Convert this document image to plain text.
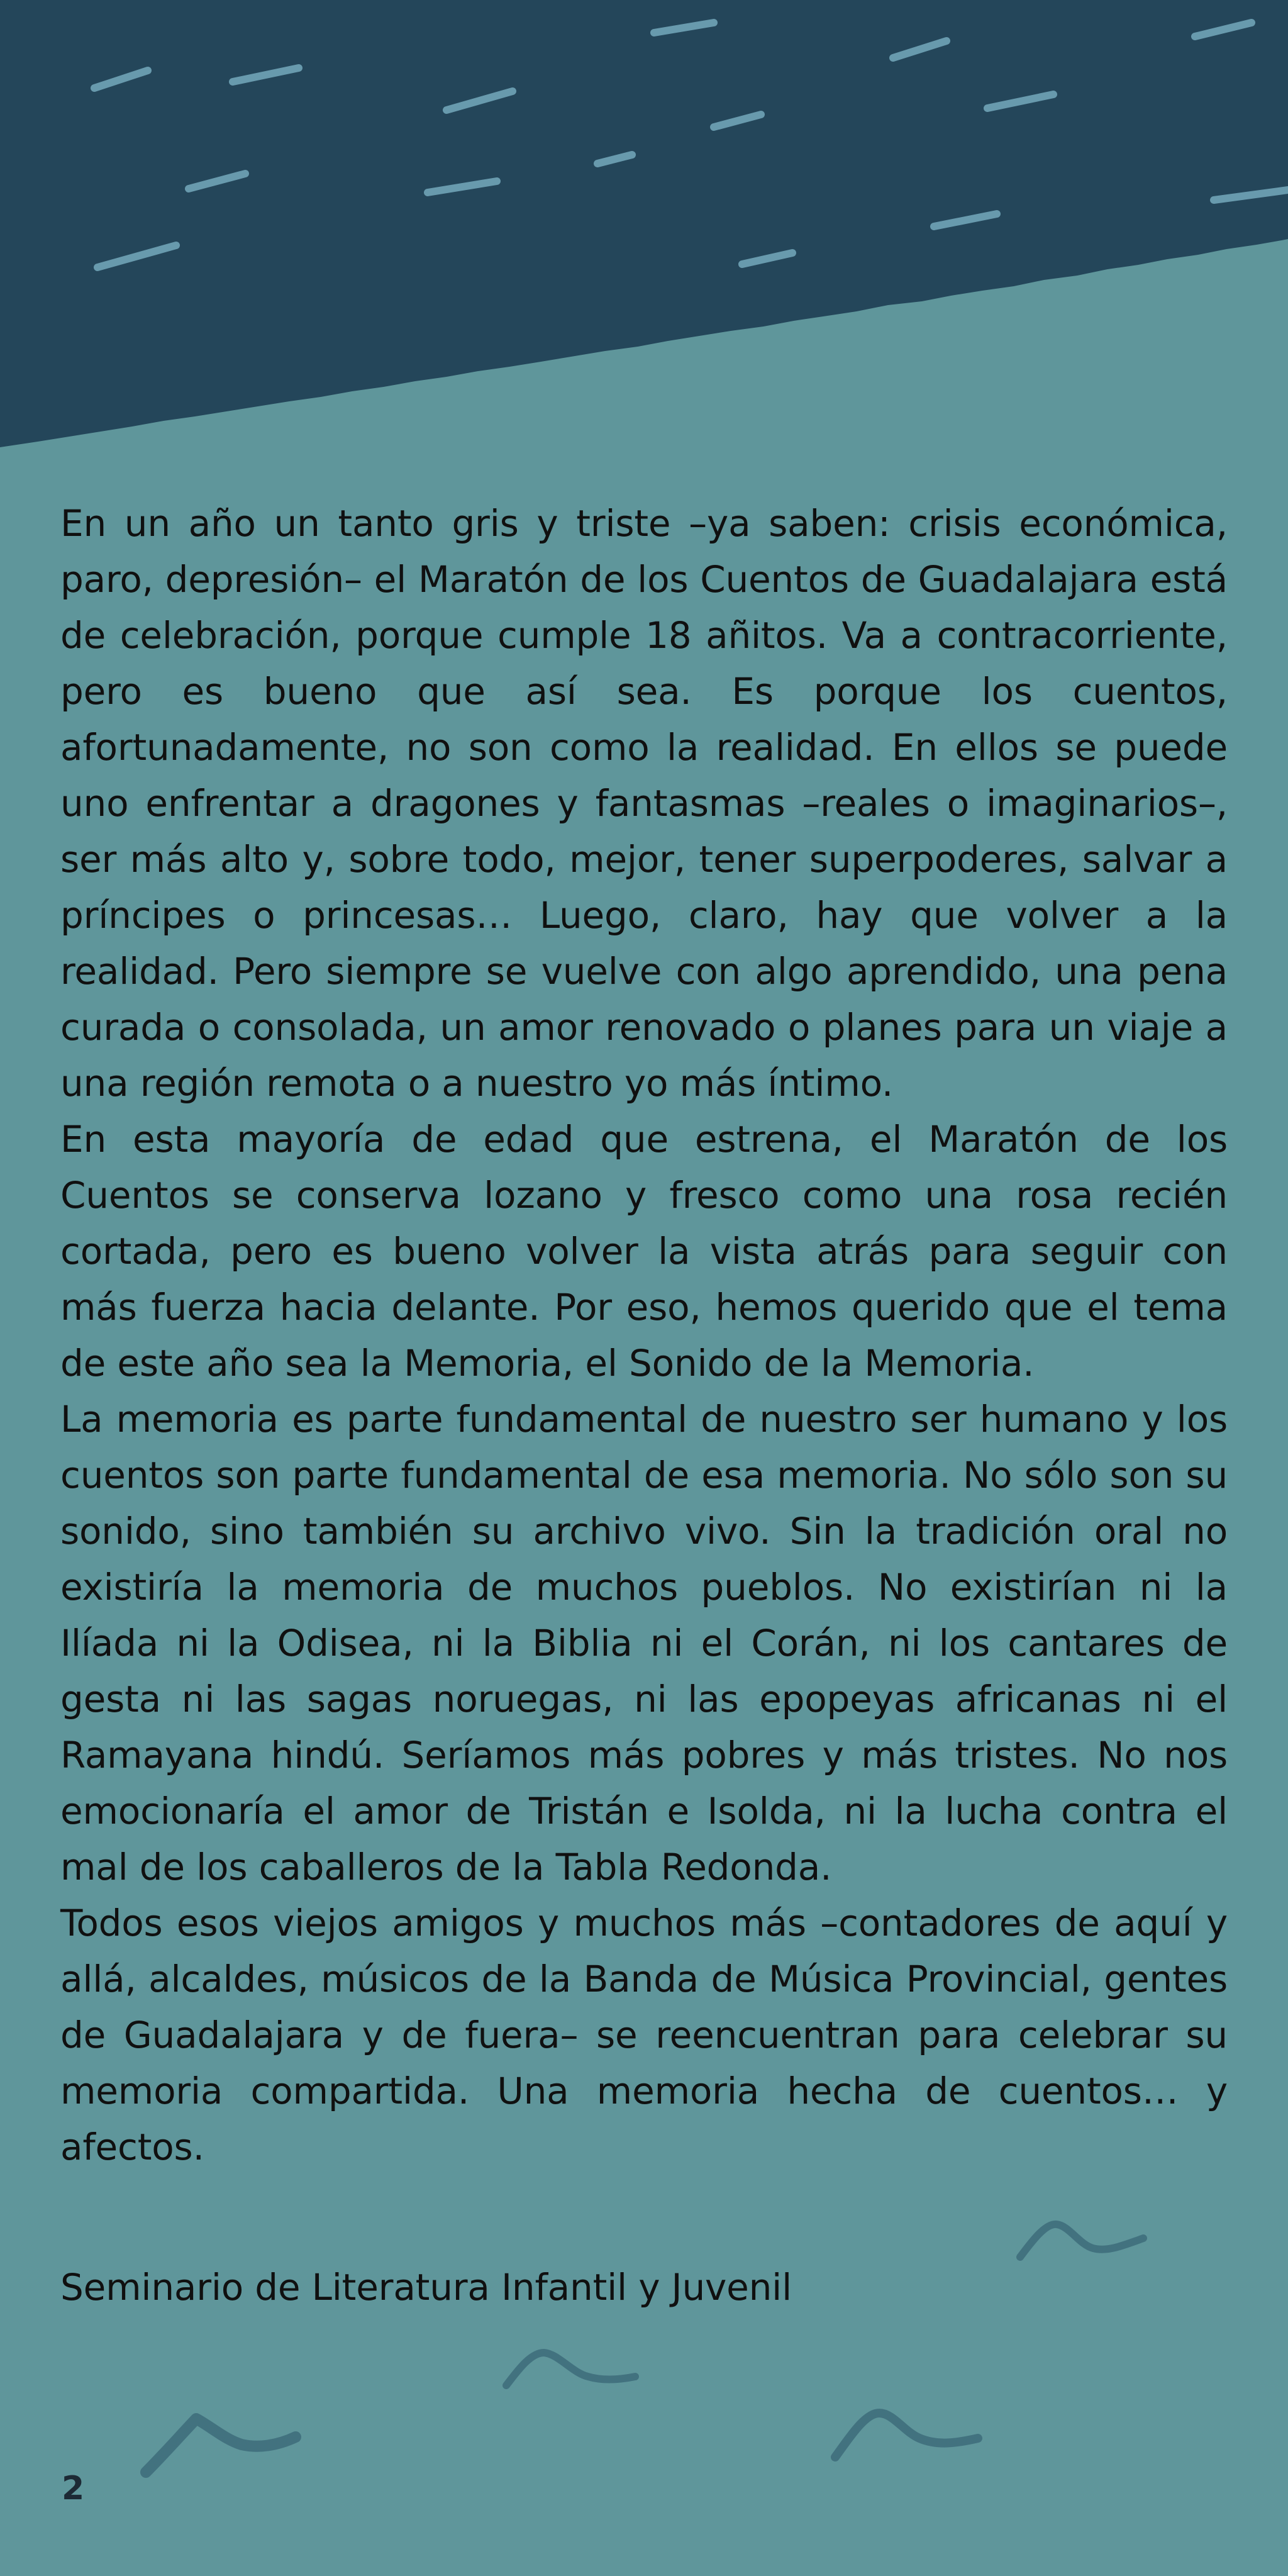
En un año un tanto gris y triste –ya saben: crisis económica, paro, depresión– el Maratón de los Cuentos de Guadalajara está de celebración, porque cumple 18 añitos. Va a contracorriente, pero es bueno que así sea. Es porque los cuentos, afortunadamente, no son como la realidad. En ellos se puede uno enfrentar a dragones y fantasmas –reales o imaginarios–, ser más alto y, sobre todo, mejor, tener superpoderes, salvar a príncipes o princesas… Luego, claro, hay que volver a la realidad. Pero siempre se vuelve con algo aprendido, una pena curada o consolada, un amor renovado o planes para un viaje a una región remota o a nuestro yo más íntimo.

En esta mayoría de edad que estrena, el Maratón de los Cuentos se conserva lozano y fresco como una rosa recién cortada, pero es bueno volver la vista atrás para seguir con más fuerza hacia delante. Por eso, hemos querido que el tema de este año sea la Memoria, el Sonido de la Memoria.

La memoria es parte fundamental de nuestro ser humano y los cuentos son parte fundamental de esa memoria. No sólo son su sonido, sino también su archivo vivo. Sin la tradición oral no existiría la memoria de muchos pueblos. No existirían ni la Ilíada ni la Odisea, ni la Biblia ni el Corán, ni los cantares de gesta ni las sagas noruegas, ni las epopeyas africanas ni el Ramayana hindú. Seríamos más pobres y más tristes. No nos emocionaría el amor de Tristán e Isolda, ni la lucha contra el mal de los caballeros de la Tabla Redonda.

Todos esos viejos amigos y muchos más –contadores de aquí y allá, alcaldes, músicos de la Banda de Música Provincial, gentes de Guadalajara y de fuera– se reencuentran para celebrar su memoria compartida. Una memoria hecha de cuentos… y afectos.

Seminario de Literatura Infantil y Juvenil
2
